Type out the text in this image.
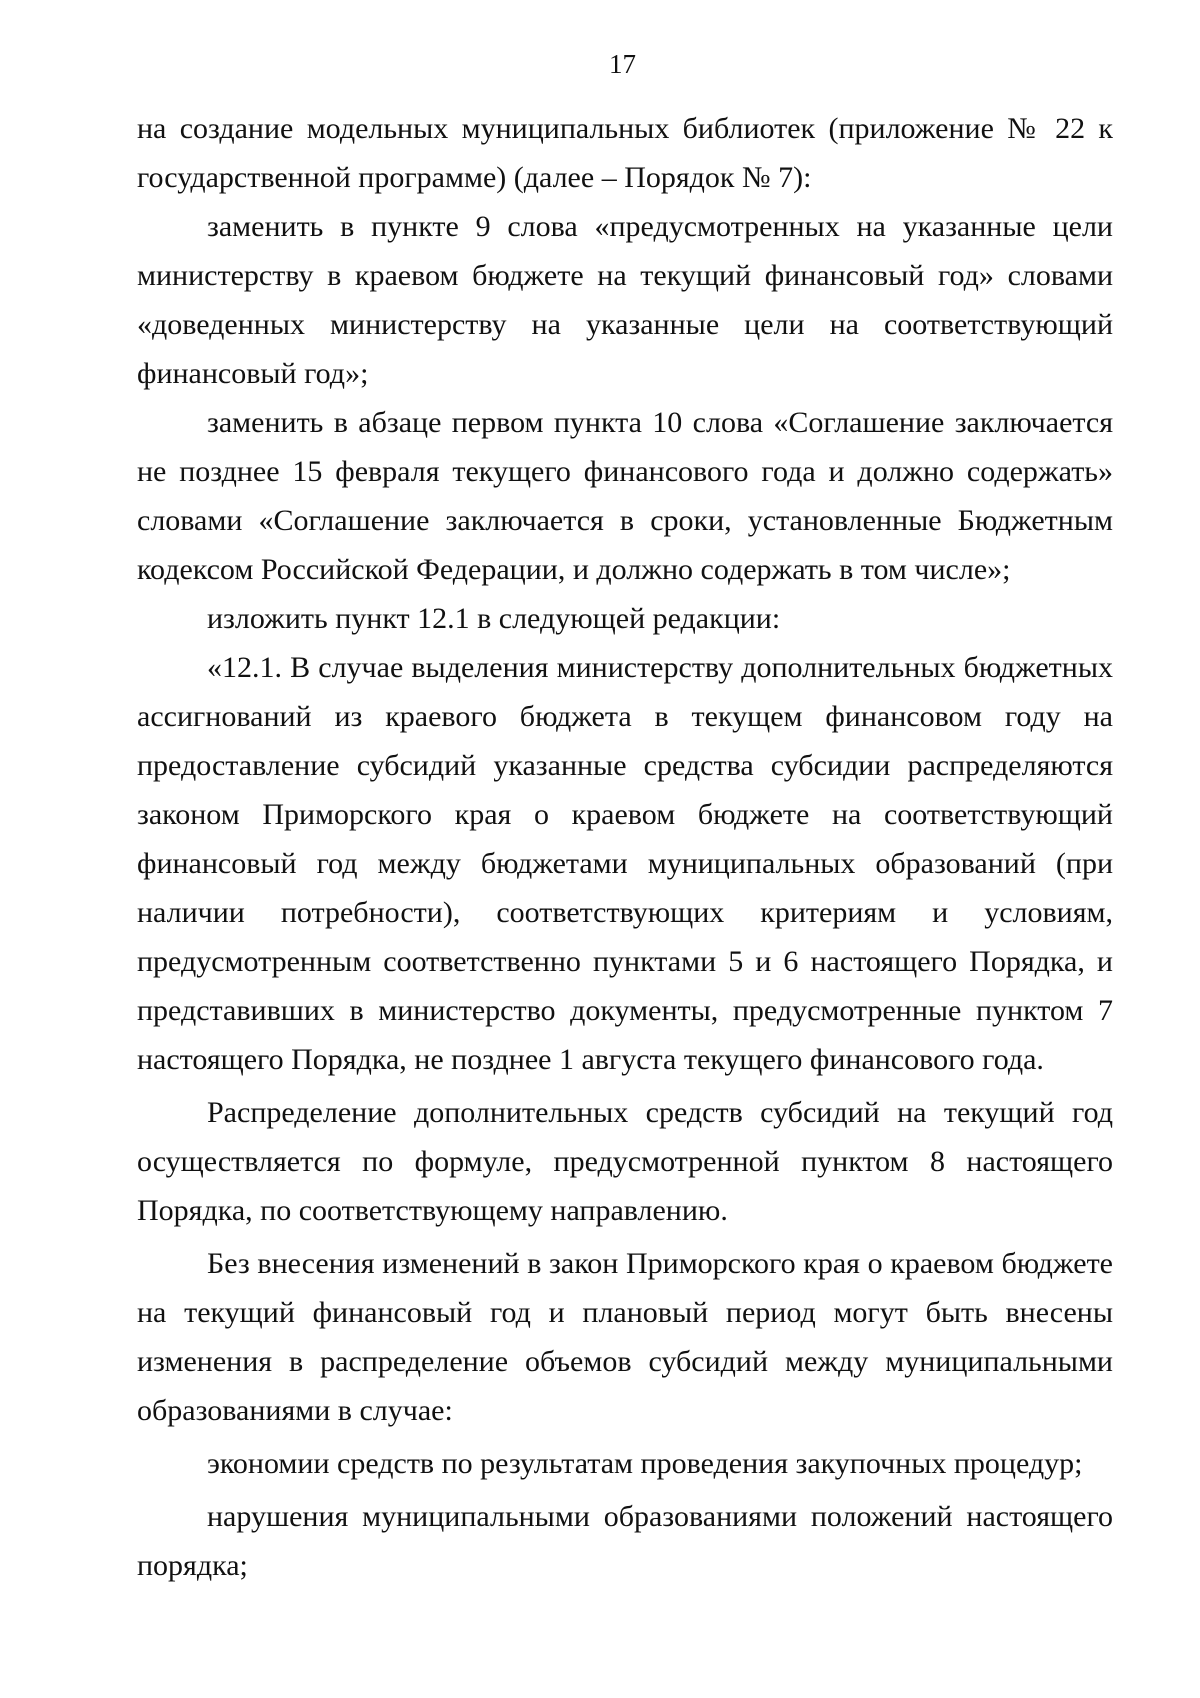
17

на создание модельных муниципальных библиотек (приложение № 22 к государственной программе) (далее – Порядок № 7):

заменить в пункте 9 слова «предусмотренных на указанные цели министерству в краевом бюджете на текущий финансовый год» словами «доведенных министерству на указанные цели на соответствующий финансовый год»;

заменить в абзаце первом пункта 10 слова «Соглашение заключается не позднее 15 февраля текущего финансового года и должно содержать» словами «Соглашение заключается в сроки, установленные Бюджетным кодексом Российской Федерации, и должно содержать в том числе»;

изложить пункт 12.1 в следующей редакции:

«12.1. В случае выделения министерству дополнительных бюджетных ассигнований из краевого бюджета в текущем финансовом году на предоставление субсидий указанные средства субсидии распределяются законом Приморского края о краевом бюджете на соответствующий финансовый год между бюджетами муниципальных образований (при наличии потребности), соответствующих критериям и условиям, предусмотренным соответственно пунктами 5 и 6 настоящего Порядка, и представивших в министерство документы, предусмотренные пунктом 7 настоящего Порядка, не позднее 1 августа текущего финансового года.

Распределение дополнительных средств субсидий на текущий год осуществляется по формуле, предусмотренной пунктом 8 настоящего Порядка, по соответствующему направлению.

Без внесения изменений в закон Приморского края о краевом бюджете на текущий финансовый год и плановый период могут быть внесены изменения в распределение объемов субсидий между муниципальными образованиями в случае:

экономии средств по результатам проведения закупочных процедур;

нарушения муниципальными образованиями положений настоящего порядка;
